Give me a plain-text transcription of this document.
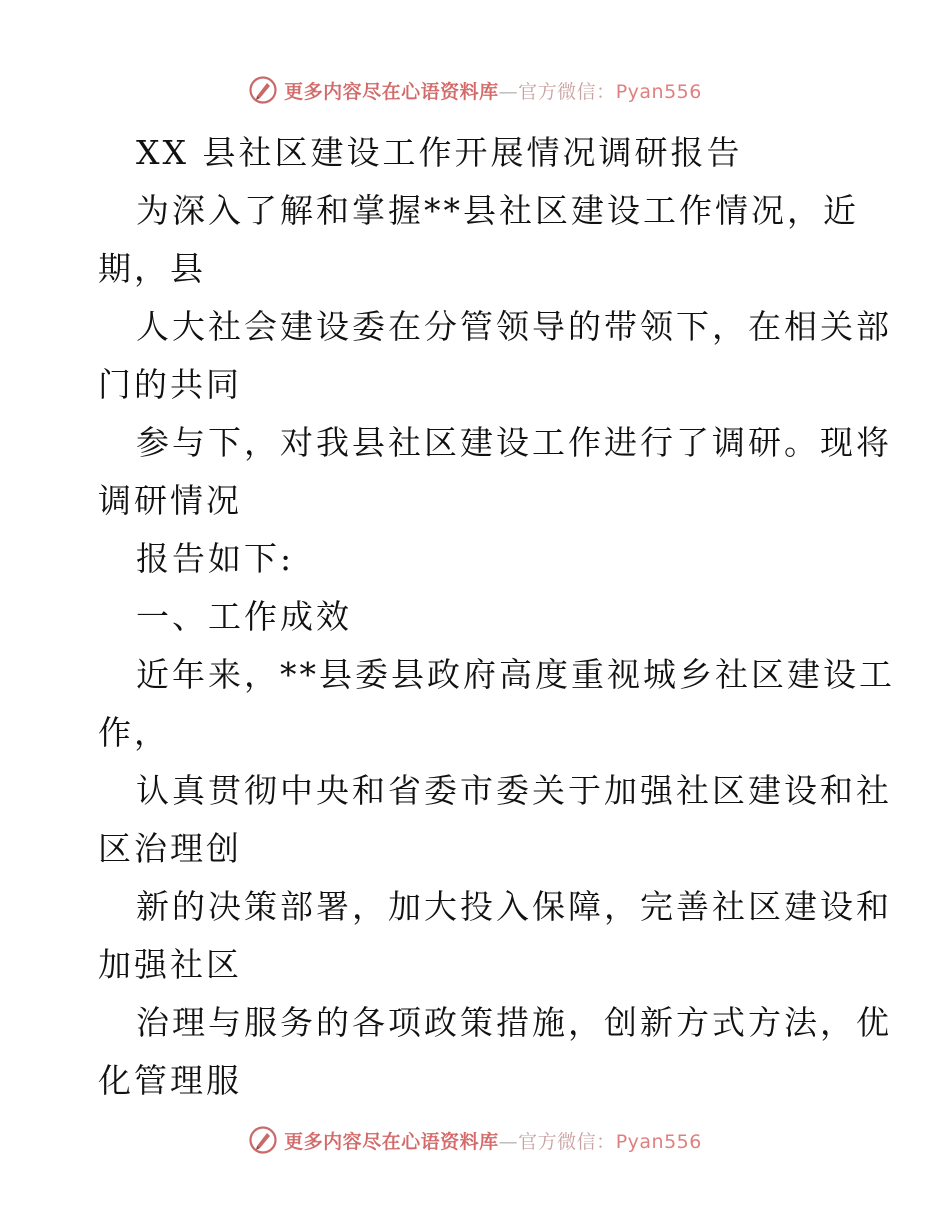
更多内容尽在心语资料库—官方微信：Pyan556
XX 县社区建设工作开展情况调研报告
为深入了解和掌握**县社区建设工作情况，近
期，县
人大社会建设委在分管领导的带领下，在相关部
门的共同
参与下，对我县社区建设工作进行了调研。现将
调研情况
报告如下:
一、工作成效
近年来，**县委县政府高度重视城乡社区建设工
作，
认真贯彻中央和省委市委关于加强社区建设和社
区治理创
新的决策部署，加大投入保障，完善社区建设和
加强社区
治理与服务的各项政策措施，创新方式方法，优
化管理服
更多内容尽在心语资料库—官方微信：Pyan556
